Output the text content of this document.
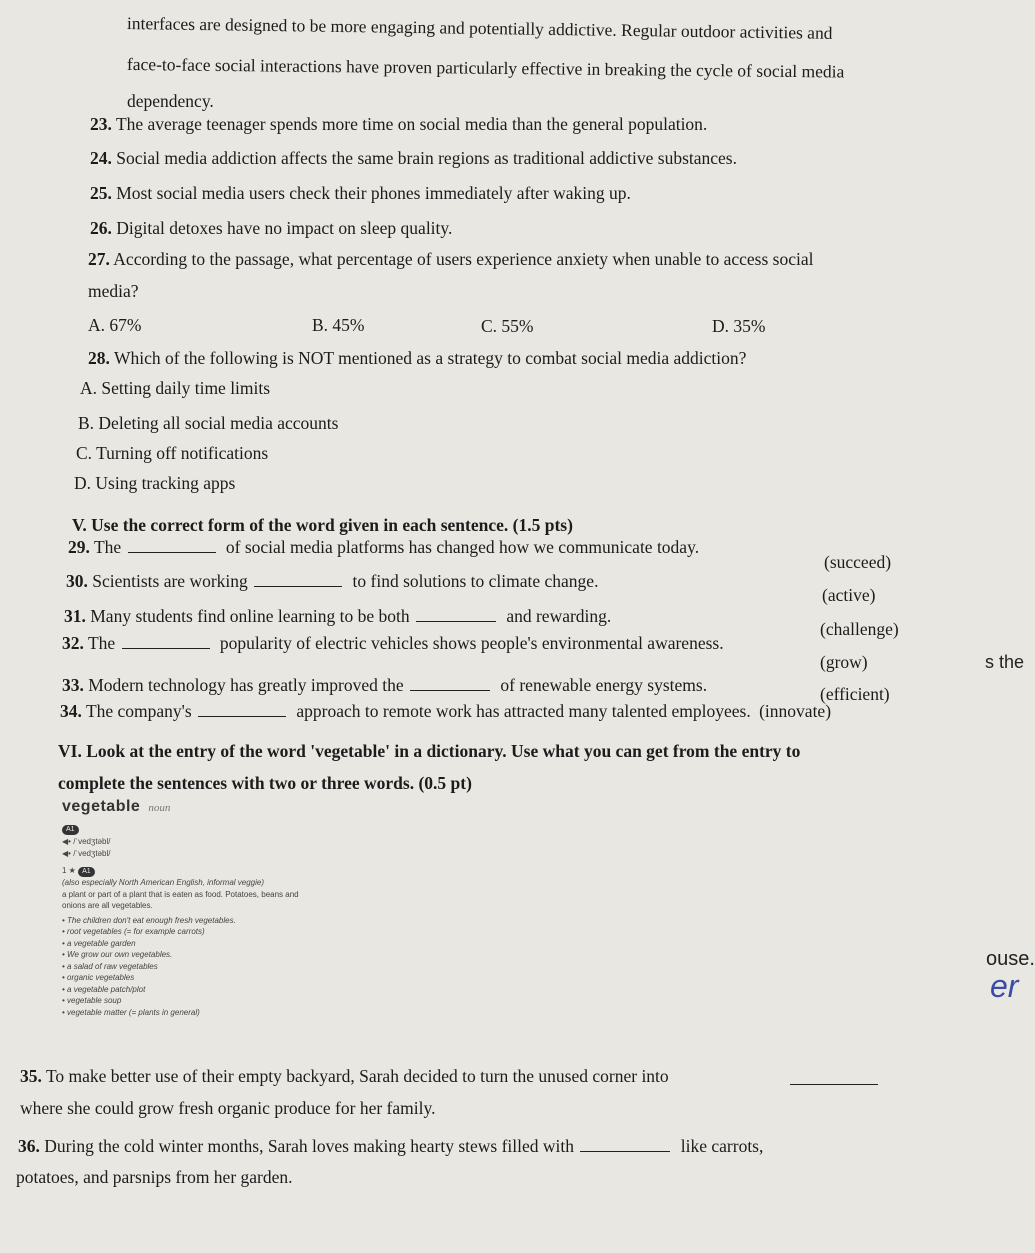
interfaces are designed to be more engaging and potentially addictive. Regular outdoor activities and
face-to-face social interactions have proven particularly effective in breaking the cycle of social media
dependency.
23. The average teenager spends more time on social media than the general population.
24. Social media addiction affects the same brain regions as traditional addictive substances.
25. Most social media users check their phones immediately after waking up.
26. Digital detoxes have no impact on sleep quality.
27. According to the passage, what percentage of users experience anxiety when unable to access social
media?
A. 67%	B. 45%	C. 55%	D. 35%
28. Which of the following is NOT mentioned as a strategy to combat social media addiction?
A. Setting daily time limits
B. Deleting all social media accounts
C. Turning off notifications
D. Using tracking apps
V. Use the correct form of the word given in each sentence. (1.5 pts)
29. The	of social media platforms has changed how we communicate today.
(succeed)
30. Scientists are working	to find solutions to climate change.
(active)
31. Many students find online learning to be both	and rewarding.
(challenge)
32. The	popularity of electric vehicles shows people's environmental awareness.
(grow)
33. Modern technology has greatly improved the	of renewable energy systems.	(efficient)
34. The company's	approach to remote work has attracted many talented employees. (innovate)
VI. Look at the entry of the word 'vegetable' in a dictionary. Use what you can get from the entry to
complete the sentences with two or three words. (0.5 pt)
vegetable noun
A1
◀• /ˈvedʒtəbl/
◀• /ˈvedʒtəbl/
1 ★ A1
(also especially North American English, informal veggie)
a plant or part of a plant that is eaten as food. Potatoes, beans and
onions are all vegetables.
• The children don't eat enough fresh vegetables.
• root vegetables (= for example carrots)
• a vegetable garden
• We grow our own vegetables.
• a salad of raw vegetables
• organic vegetables
• a vegetable patch/plot
• vegetable soup
• vegetable matter (= plants in general)
35. To make better use of their empty backyard, Sarah decided to turn the unused corner into
where she could grow fresh organic produce for her family.
36. During the cold winter months, Sarah loves making hearty stews filled with	like carrots,
potatoes, and parsnips from her garden.
s the
ouse.
er
